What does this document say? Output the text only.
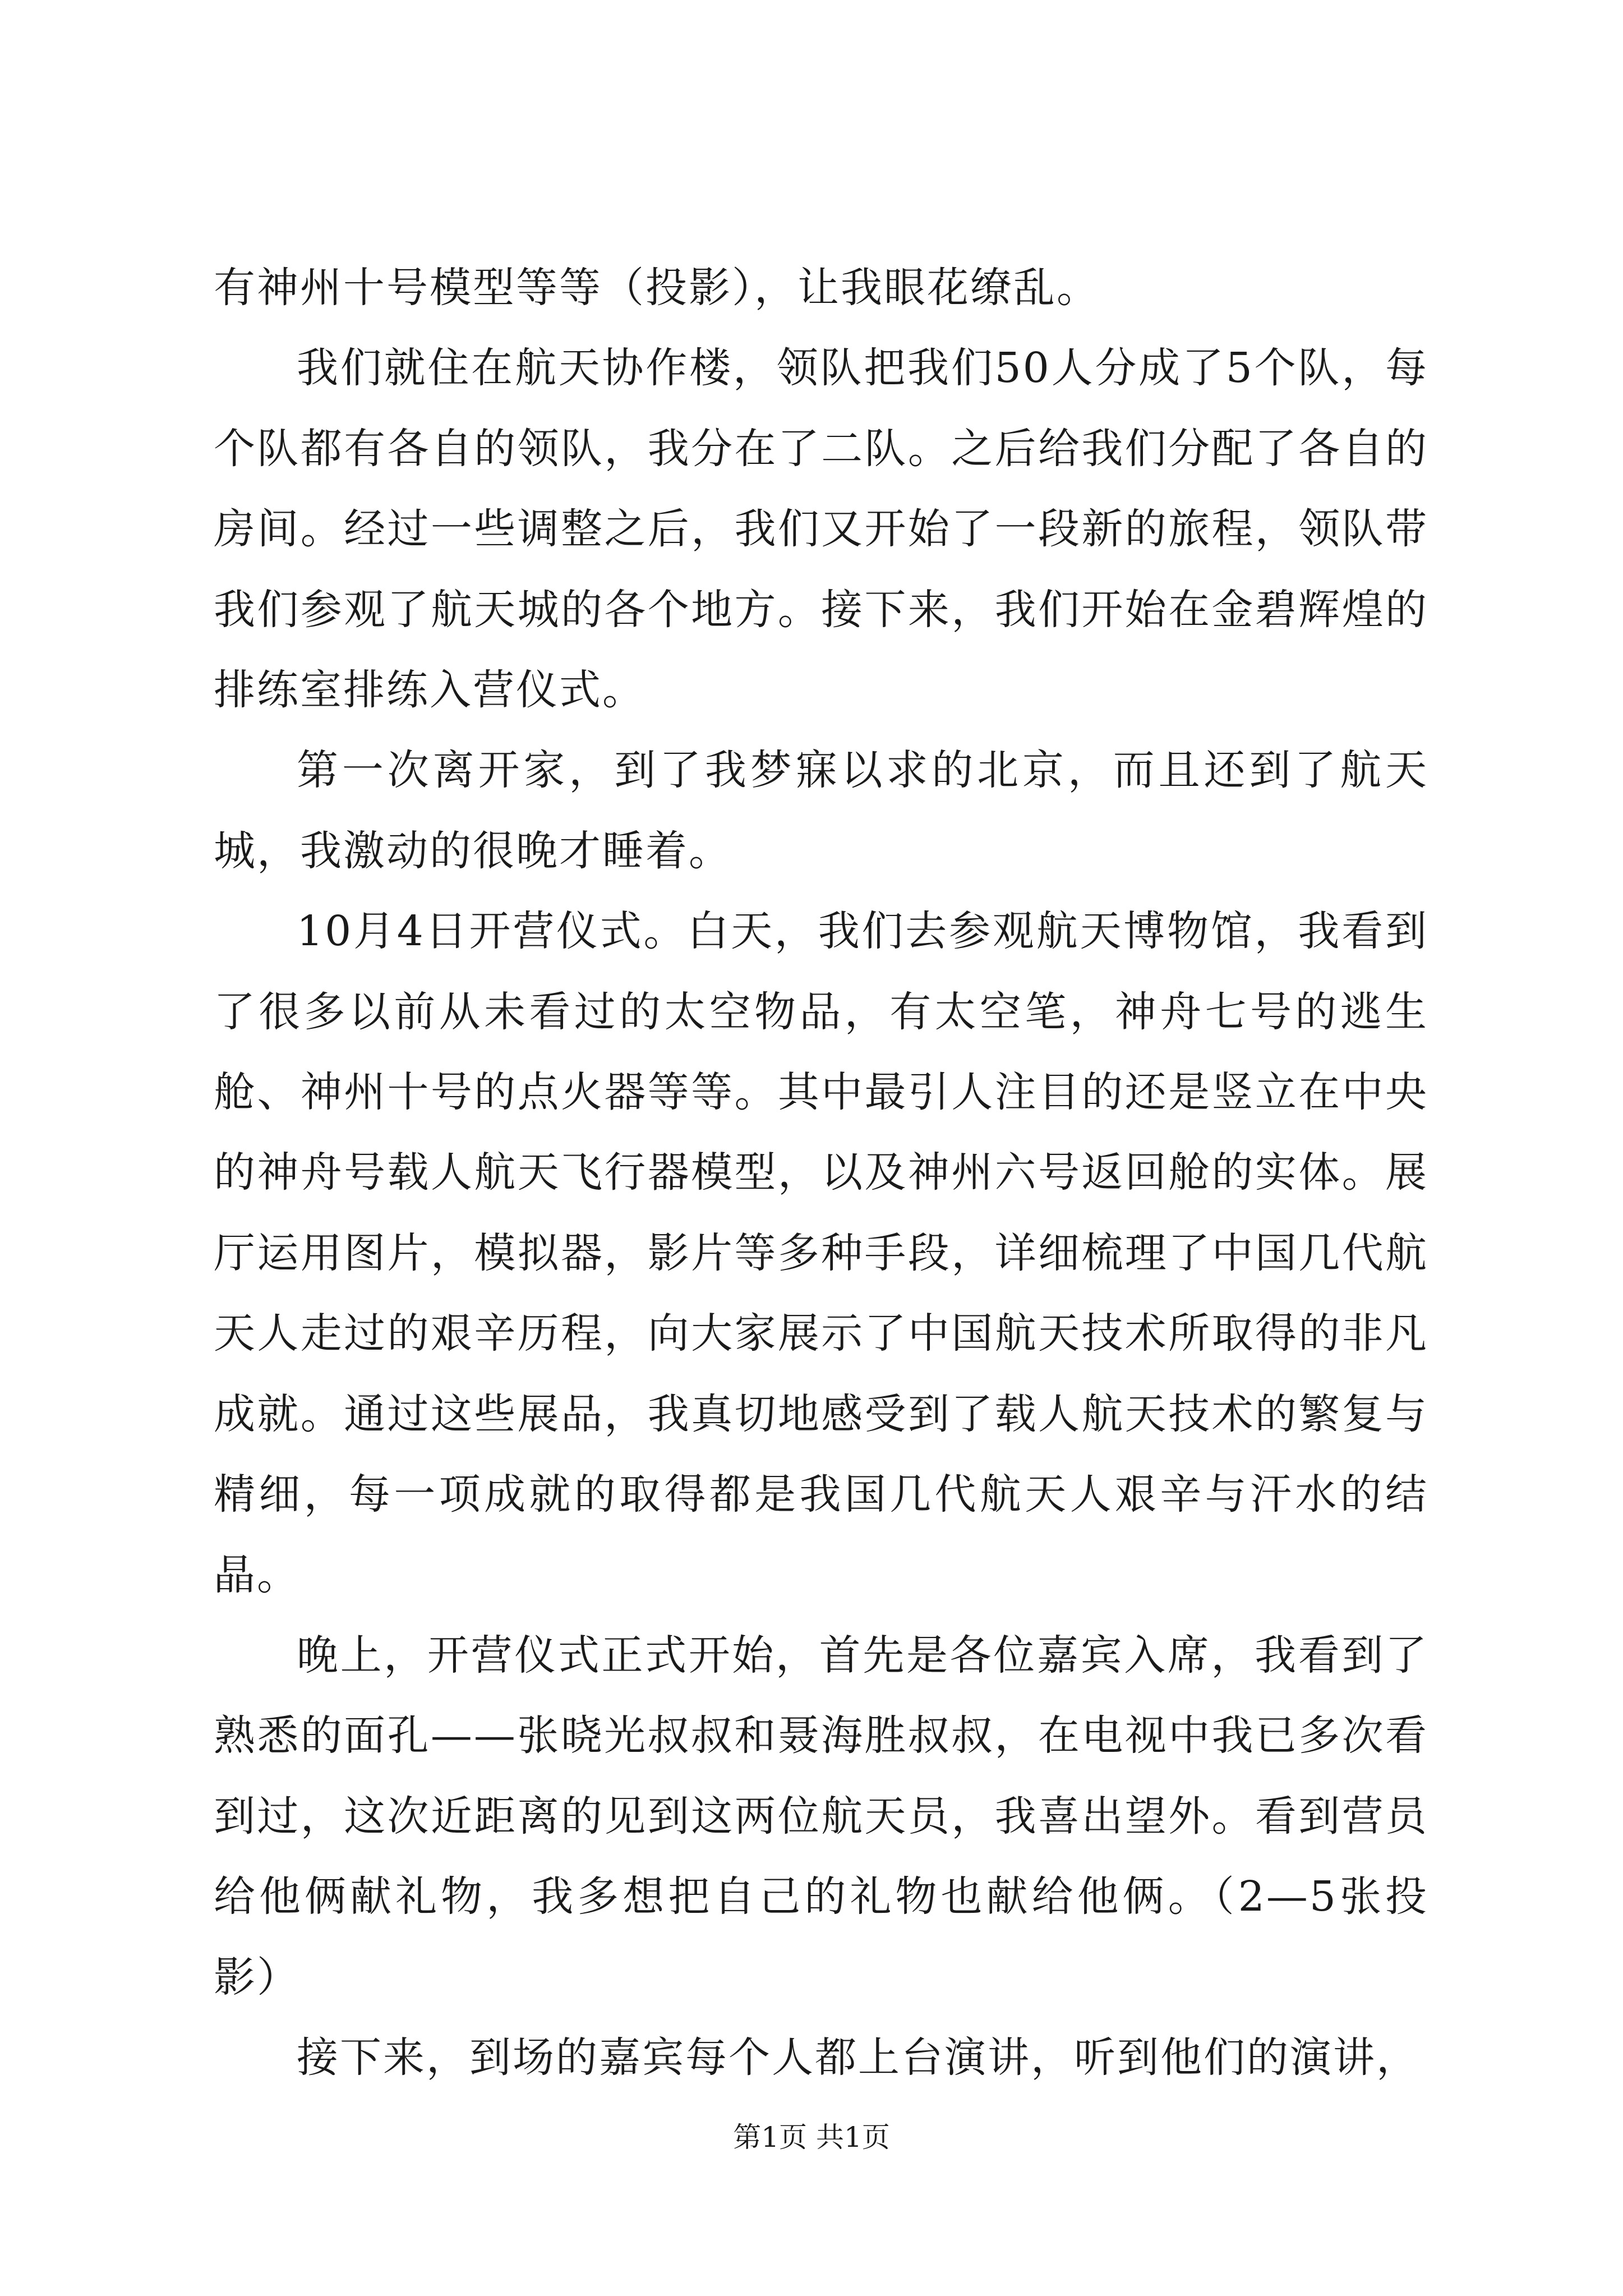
有神州十号模型等等（投影），让我眼花缭乱。

我们就住在航天协作楼，领队把我们50人分成了5个队，每个队都有各自的领队，我分在了二队。之后给我们分配了各自的房间。经过一些调整之后，我们又开始了一段新的旅程，领队带我们参观了航天城的各个地方。接下来，我们开始在金碧辉煌的排练室排练入营仪式。

第一次离开家，到了我梦寐以求的北京，而且还到了航天城，我激动的很晚才睡着。

10月4日开营仪式。白天，我们去参观航天博物馆，我看到了很多以前从未看过的太空物品，有太空笔，神舟七号的逃生舱、神州十号的点火器等等。其中最引人注目的还是竖立在中央的神舟号载人航天飞行器模型，以及神州六号返回舱的实体。展厅运用图片，模拟器，影片等多种手段，详细梳理了中国几代航天人走过的艰辛历程，向大家展示了中国航天技术所取得的非凡成就。通过这些展品，我真切地感受到了载人航天技术的繁复与精细，每一项成就的取得都是我国几代航天人艰辛与汗水的结晶。

晚上，开营仪式正式开始，首先是各位嘉宾入席，我看到了熟悉的面孔——张晓光叔叔和聂海胜叔叔，在电视中我已多次看到过，这次近距离的见到这两位航天员，我喜出望外。看到营员给他俩献礼物，我多想把自己的礼物也献给他俩。（2—5张投影）

接下来，到场的嘉宾每个人都上台演讲，听到他们的演讲，

第1页 共1页
